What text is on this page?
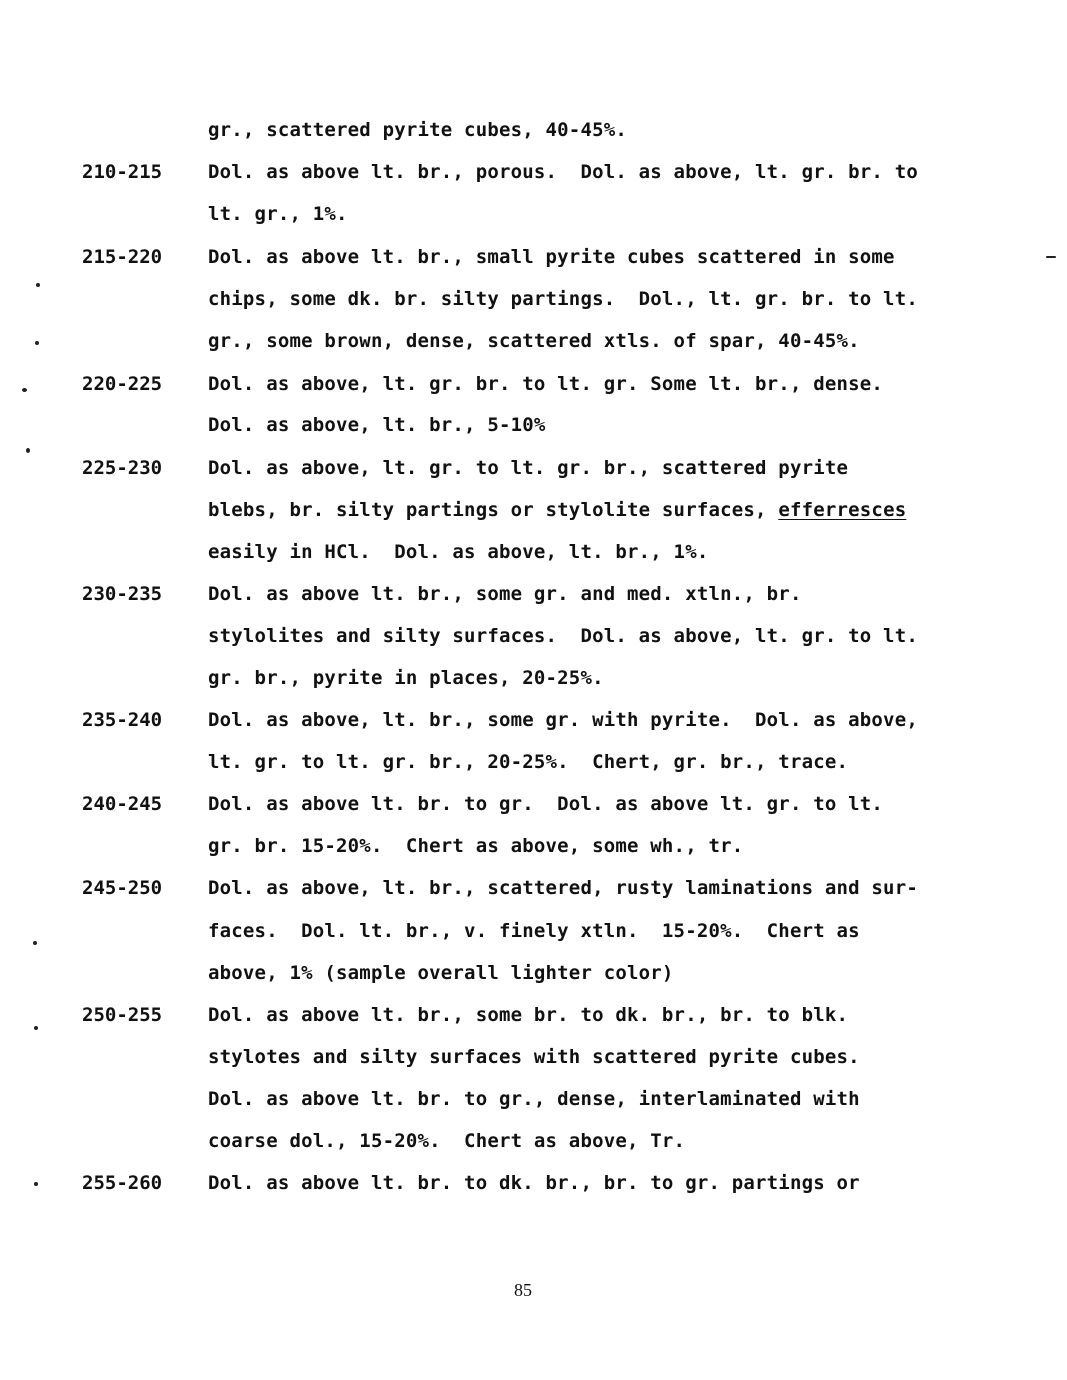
gr., scattered pyrite cubes, 40-45%.
210-215 Dol. as above lt. br., porous.  Dol. as above, lt. gr. br. to
lt. gr., 1%.
215-220 Dol. as above lt. br., small pyrite cubes scattered in some
chips, some dk. br. silty partings.  Dol., lt. gr. br. to lt.
gr., some brown, dense, scattered xtls. of spar, 40-45%.
220-225 Dol. as above, lt. gr. br. to lt. gr. Some lt. br., dense.
Dol. as above, lt. br., 5-10%
225-230 Dol. as above, lt. gr. to lt. gr. br., scattered pyrite
blebs, br. silty partings or stylolite surfaces, efferresces
easily in HCl.  Dol. as above, lt. br., 1%.
230-235 Dol. as above lt. br., some gr. and med. xtln., br.
stylolites and silty surfaces.  Dol. as above, lt. gr. to lt.
gr. br., pyrite in places, 20-25%.
235-240 Dol. as above, lt. br., some gr. with pyrite.  Dol. as above,
lt. gr. to lt. gr. br., 20-25%.  Chert, gr. br., trace.
240-245 Dol. as above lt. br. to gr.  Dol. as above lt. gr. to lt.
gr. br. 15-20%.  Chert as above, some wh., tr.
245-250 Dol. as above, lt. br., scattered, rusty laminations and sur-
faces.  Dol. lt. br., v. finely xtln.  15-20%.  Chert as
above, 1% (sample overall lighter color)
250-255 Dol. as above lt. br., some br. to dk. br., br. to blk.
stylotes and silty surfaces with scattered pyrite cubes.
Dol. as above lt. br. to gr., dense, interlaminated with
coarse dol., 15-20%.  Chert as above, Tr.
255-260 Dol. as above lt. br. to dk. br., br. to gr. partings or
85
